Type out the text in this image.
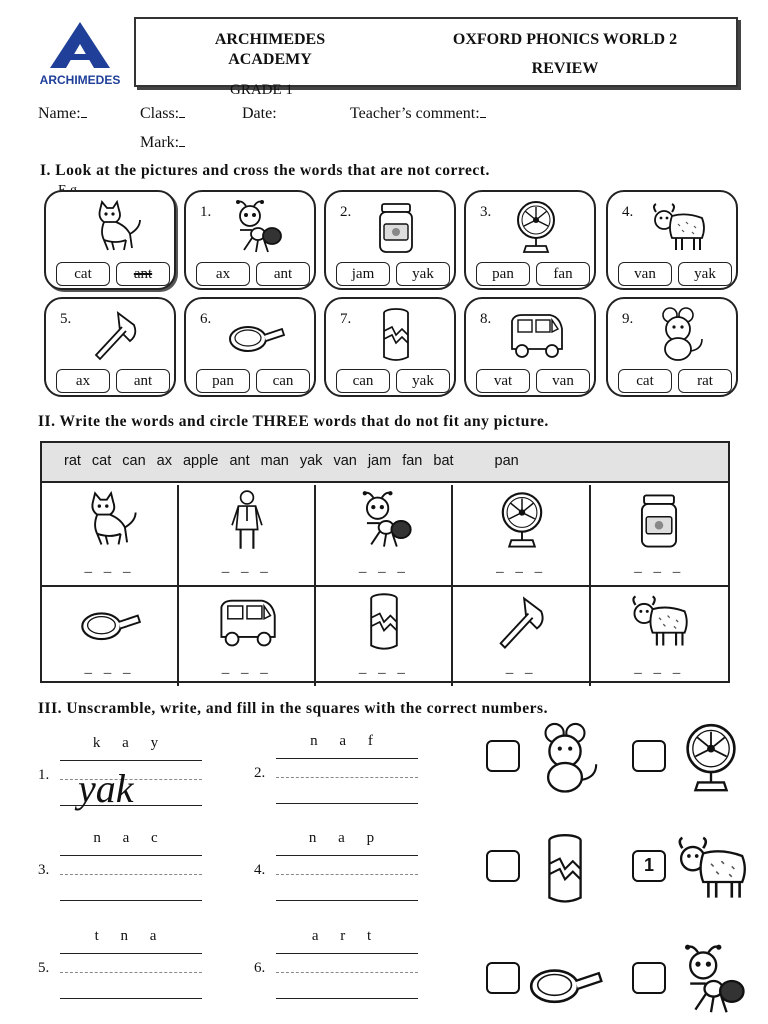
ARCHIMEDES
ARCHIMEDES ACADEMY
OXFORD PHONICS WORLD 2
REVIEW
GRADE 1
Name:	Class:	Date:	Teacher’s comment:
Mark:
I. Look at the pictures and cross the words that are not correct.
cat	ant
1.
ax	ant
2.
jam	yak
3.
pan	fan
4.
van	yak
5.
ax	ant
6.
pan	can
7.
can	yak
8.
vat	van
9.
cat	rat
II. Write the words and circle THREE words that do not fit any picture.
rat cat can ax apple ant man yak van jam fan bat	pan
_ _ _	_ _ _	_ _ _	_ _ _	_ _ _
_ _ _	_ _ _	_ _ _	_ _	_ _ _
III. Unscramble, write, and fill in the squares with the correct numbers.
k a y
1. yak
n a f
2.
n a c
3.
n a p
4.
t n a
5.
a r t
6.
1
